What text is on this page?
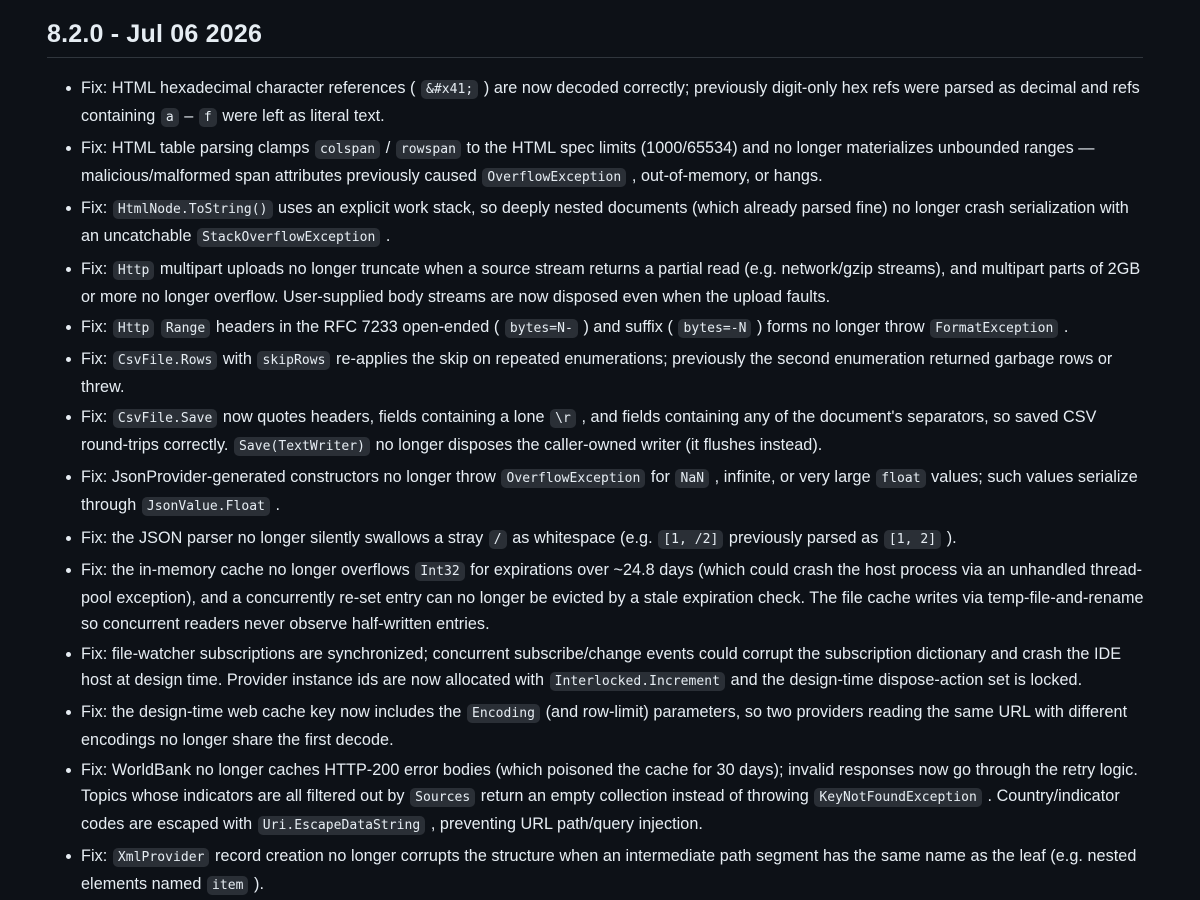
8.2.0 - Jul 06 2026
Fix: HTML hexadecimal character references ( &#x41; ) are now decoded correctly; previously digit-only hex refs were parsed as decimal and refs containing a – f were left as literal text.
Fix: HTML table parsing clamps colspan / rowspan to the HTML spec limits (1000/65534) and no longer materializes unbounded ranges — malicious/malformed span attributes previously caused OverflowException , out-of-memory, or hangs.
Fix: HtmlNode.ToString() uses an explicit work stack, so deeply nested documents (which already parsed fine) no longer crash serialization with an uncatchable StackOverflowException .
Fix: Http multipart uploads no longer truncate when a source stream returns a partial read (e.g. network/gzip streams), and multipart parts of 2GB or more no longer overflow. User-supplied body streams are now disposed even when the upload faults.
Fix: Http Range headers in the RFC 7233 open-ended ( bytes=N- ) and suffix ( bytes=-N ) forms no longer throw FormatException .
Fix: CsvFile.Rows with skipRows re-applies the skip on repeated enumerations; previously the second enumeration returned garbage rows or threw.
Fix: CsvFile.Save now quotes headers, fields containing a lone \r , and fields containing any of the document's separators, so saved CSV round-trips correctly. Save(TextWriter) no longer disposes the caller-owned writer (it flushes instead).
Fix: JsonProvider-generated constructors no longer throw OverflowException for NaN , infinite, or very large float values; such values serialize through JsonValue.Float .
Fix: the JSON parser no longer silently swallows a stray / as whitespace (e.g. [1, /2] previously parsed as [1, 2] ).
Fix: the in-memory cache no longer overflows Int32 for expirations over ~24.8 days (which could crash the host process via an unhandled thread-pool exception), and a concurrently re-set entry can no longer be evicted by a stale expiration check. The file cache writes via temp-file-and-rename so concurrent readers never observe half-written entries.
Fix: file-watcher subscriptions are synchronized; concurrent subscribe/change events could corrupt the subscription dictionary and crash the IDE host at design time. Provider instance ids are now allocated with Interlocked.Increment and the design-time dispose-action set is locked.
Fix: the design-time web cache key now includes the Encoding (and row-limit) parameters, so two providers reading the same URL with different encodings no longer share the first decode.
Fix: WorldBank no longer caches HTTP-200 error bodies (which poisoned the cache for 30 days); invalid responses now go through the retry logic. Topics whose indicators are all filtered out by Sources return an empty collection instead of throwing KeyNotFoundException . Country/indicator codes are escaped with Uri.EscapeDataString , preventing URL path/query injection.
Fix: XmlProvider record creation no longer corrupts the structure when an intermediate path segment has the same name as the leaf (e.g. nested elements named item ).
